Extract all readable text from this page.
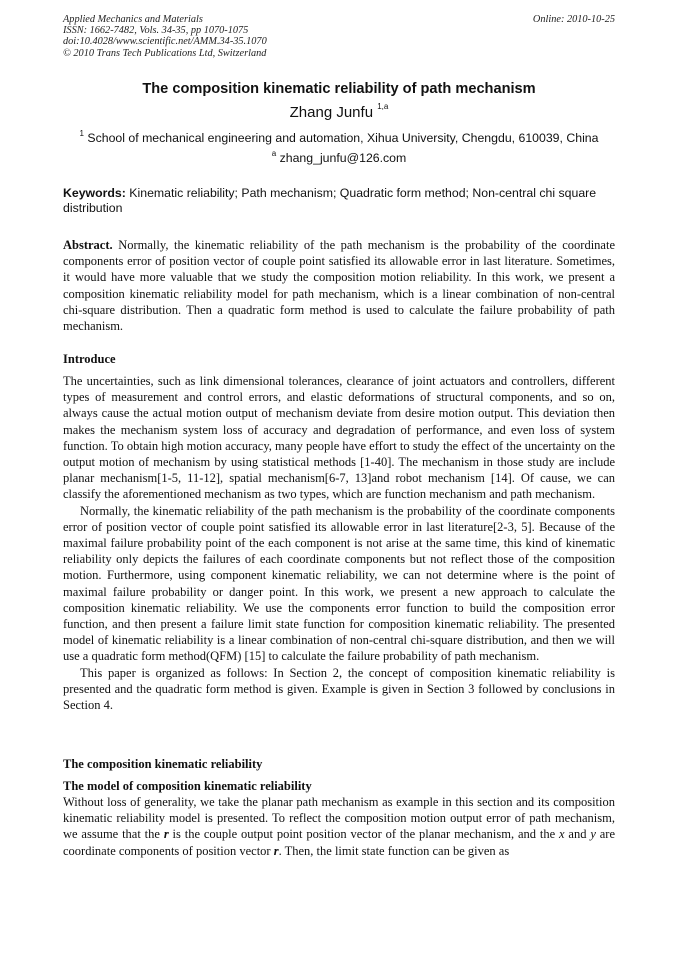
Applied Mechanics and Materials
ISSN: 1662-7482, Vols. 34-35, pp 1070-1075
doi:10.4028/www.scientific.net/AMM.34-35.1070
© 2010 Trans Tech Publications Ltd, Switzerland
Online: 2010-10-25
The composition kinematic reliability of path mechanism
Zhang Junfu $^{1,a}$
$^1$ School of mechanical engineering and automation, Xihua University, Chengdu, 610039, China
$^a$ zhang_junfu@126.com
Keywords: Kinematic reliability; Path mechanism; Quadratic form method; Non-central chi square distribution
Abstract. Normally, the kinematic reliability of the path mechanism is the probability of the coordinate components error of position vector of couple point satisfied its allowable error in last literature. Sometimes, it would have more valuable that we study the composition motion reliability. In this work, we present a composition kinematic reliability model for path mechanism, which is a linear combination of non-central chi-square distribution. Then a quadratic form method is used to calculate the failure probability of path mechanism.
Introduce

The uncertainties, such as link dimensional tolerances, clearance of joint actuators and controllers, different types of measurement and control errors, and elastic deformations of structural components, and so on, always cause the actual motion output of mechanism deviate from desire motion output. This deviation then makes the mechanism system loss of accuracy and degradation of performance, and even loss of system function. To obtain high motion accuracy, many people have effort to study the effect of the uncertainty on the output motion of mechanism by using statistical methods [1-40]. The mechanism in those study are include planar mechanism[1-5, 11-12], spatial mechanism[6-7, 13]and robot mechanism [14]. Of cause, we can classify the aforementioned mechanism as two types, which are function mechanism and path mechanism.

Normally, the kinematic reliability of the path mechanism is the probability of the coordinate components error of position vector of couple point satisfied its allowable error in last literature[2-3, 5]. Because of the maximal failure probability point of the each component is not arise at the same time, this kind of kinematic reliability only depicts the failures of each coordinate components but not reflect those of the composition motion. Furthermore, using component kinematic reliability, we can not determine where is the point of maximal failure probability or danger point. In this work, we present a new approach to calculate the composition kinematic reliability. We use the components error function to build the composition error function, and then present a failure limit state function for composition kinematic reliability. The presented model of kinematic reliability is a linear combination of non-central chi-square distribution, and then we will use a quadratic form method(QFM) [15] to calculate the failure probability of path mechanism.

This paper is organized as follows: In Section 2, the concept of composition kinematic reliability is presented and the quadratic form method is given. Example is given in Section 3 followed by conclusions in Section 4.

The composition kinematic reliability
The model of composition kinematic reliability
Without loss of generality, we take the planar path mechanism as example in this section and its composition kinematic reliability model is presented. To reflect the composition motion output error of path mechanism, we assume that the r is the couple output point position vector of the planar mechanism, and the x and y are coordinate components of position vector r. Then, the limit state function can be given as
